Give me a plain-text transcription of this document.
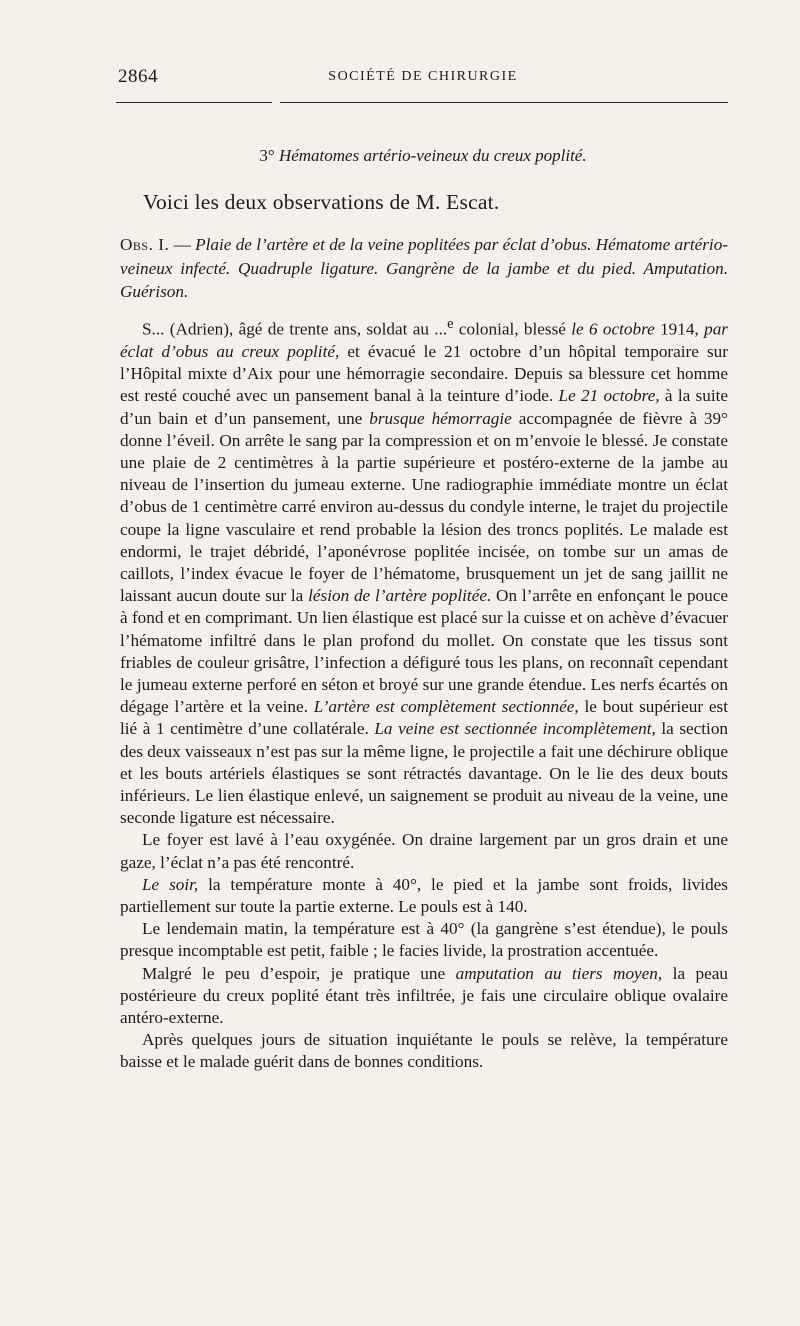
2864	SOCIÉTÉ DE CHIRURGIE
3° Hématomes artério-veineux du creux poplité.
Voici les deux observations de M. Escat.
Obs. I. — Plaie de l’artère et de la veine poplitées par éclat d’obus. Hématome artério-veineux infecté. Quadruple ligature. Gangrène de la jambe et du pied. Amputation. Guérison.

S... (Adrien), âgé de trente ans, soldat au ...$^e$ colonial, blessé le 6 octobre 1914, par éclat d’obus au creux poplité, et évacué le 21 octobre d’un hôpital temporaire sur l’Hôpital mixte d’Aix pour une hémorragie secondaire. Depuis sa blessure cet homme est resté couché avec un pansement banal à la teinture d’iode. Le 21 octobre, à la suite d’un bain et d’un pansement, une brusque hémorragie accompagnée de fièvre à 39° donne l’éveil. On arrête le sang par la compression et on m’envoie le blessé. Je constate une plaie de 2 centimètres à la partie supérieure et postéro-externe de la jambe au niveau de l’insertion du jumeau externe. Une radiographie immédiate montre un éclat d’obus de 1 centimètre carré environ au-dessus du condyle interne, le trajet du projectile coupe la ligne vasculaire et rend probable la lésion des troncs poplités. Le malade est endormi, le trajet débridé, l’aponévrose poplitée incisée, on tombe sur un amas de caillots, l’index évacue le foyer de l’hématome, brusquement un jet de sang jaillit ne laissant aucun doute sur la lésion de l’artère poplitée. On l’arrête en enfonçant le pouce à fond et en comprimant. Un lien élastique est placé sur la cuisse et on achève d’évacuer l’hématome infiltré dans le plan profond du mollet. On constate que les tissus sont friables de couleur grisâtre, l’infection a défiguré tous les plans, on reconnaît cependant le jumeau externe perforé en séton et broyé sur une grande étendue. Les nerfs écartés on dégage l’artère et la veine. L’artère est complètement sectionnée, le bout supérieur est lié à 1 centimètre d’une collatérale. La veine est sectionnée incomplètement, la section des deux vaisseaux n’est pas sur la même ligne, le projectile a fait une déchirure oblique et les bouts artériels élastiques se sont rétractés davantage. On le lie des deux bouts inférieurs. Le lien élastique enlevé, un saignement se produit au niveau de la veine, une seconde ligature est nécessaire.

Le foyer est lavé à l’eau oxygénée. On draine largement par un gros drain et une gaze, l’éclat n’a pas été rencontré.

Le soir, la température monte à 40°, le pied et la jambe sont froids, livides partiellement sur toute la partie externe. Le pouls est à 140.

Le lendemain matin, la température est à 40° (la gangrène s’est étendue), le pouls presque incomptable est petit, faible ; le facies livide, la prostration accentuée.

Malgré le peu d’espoir, je pratique une amputation au tiers moyen, la peau postérieure du creux poplité étant très infiltrée, je fais une circulaire oblique ovalaire antéro-externe.

Après quelques jours de situation inquiétante le pouls se relève, la température baisse et le malade guérit dans de bonnes conditions.
